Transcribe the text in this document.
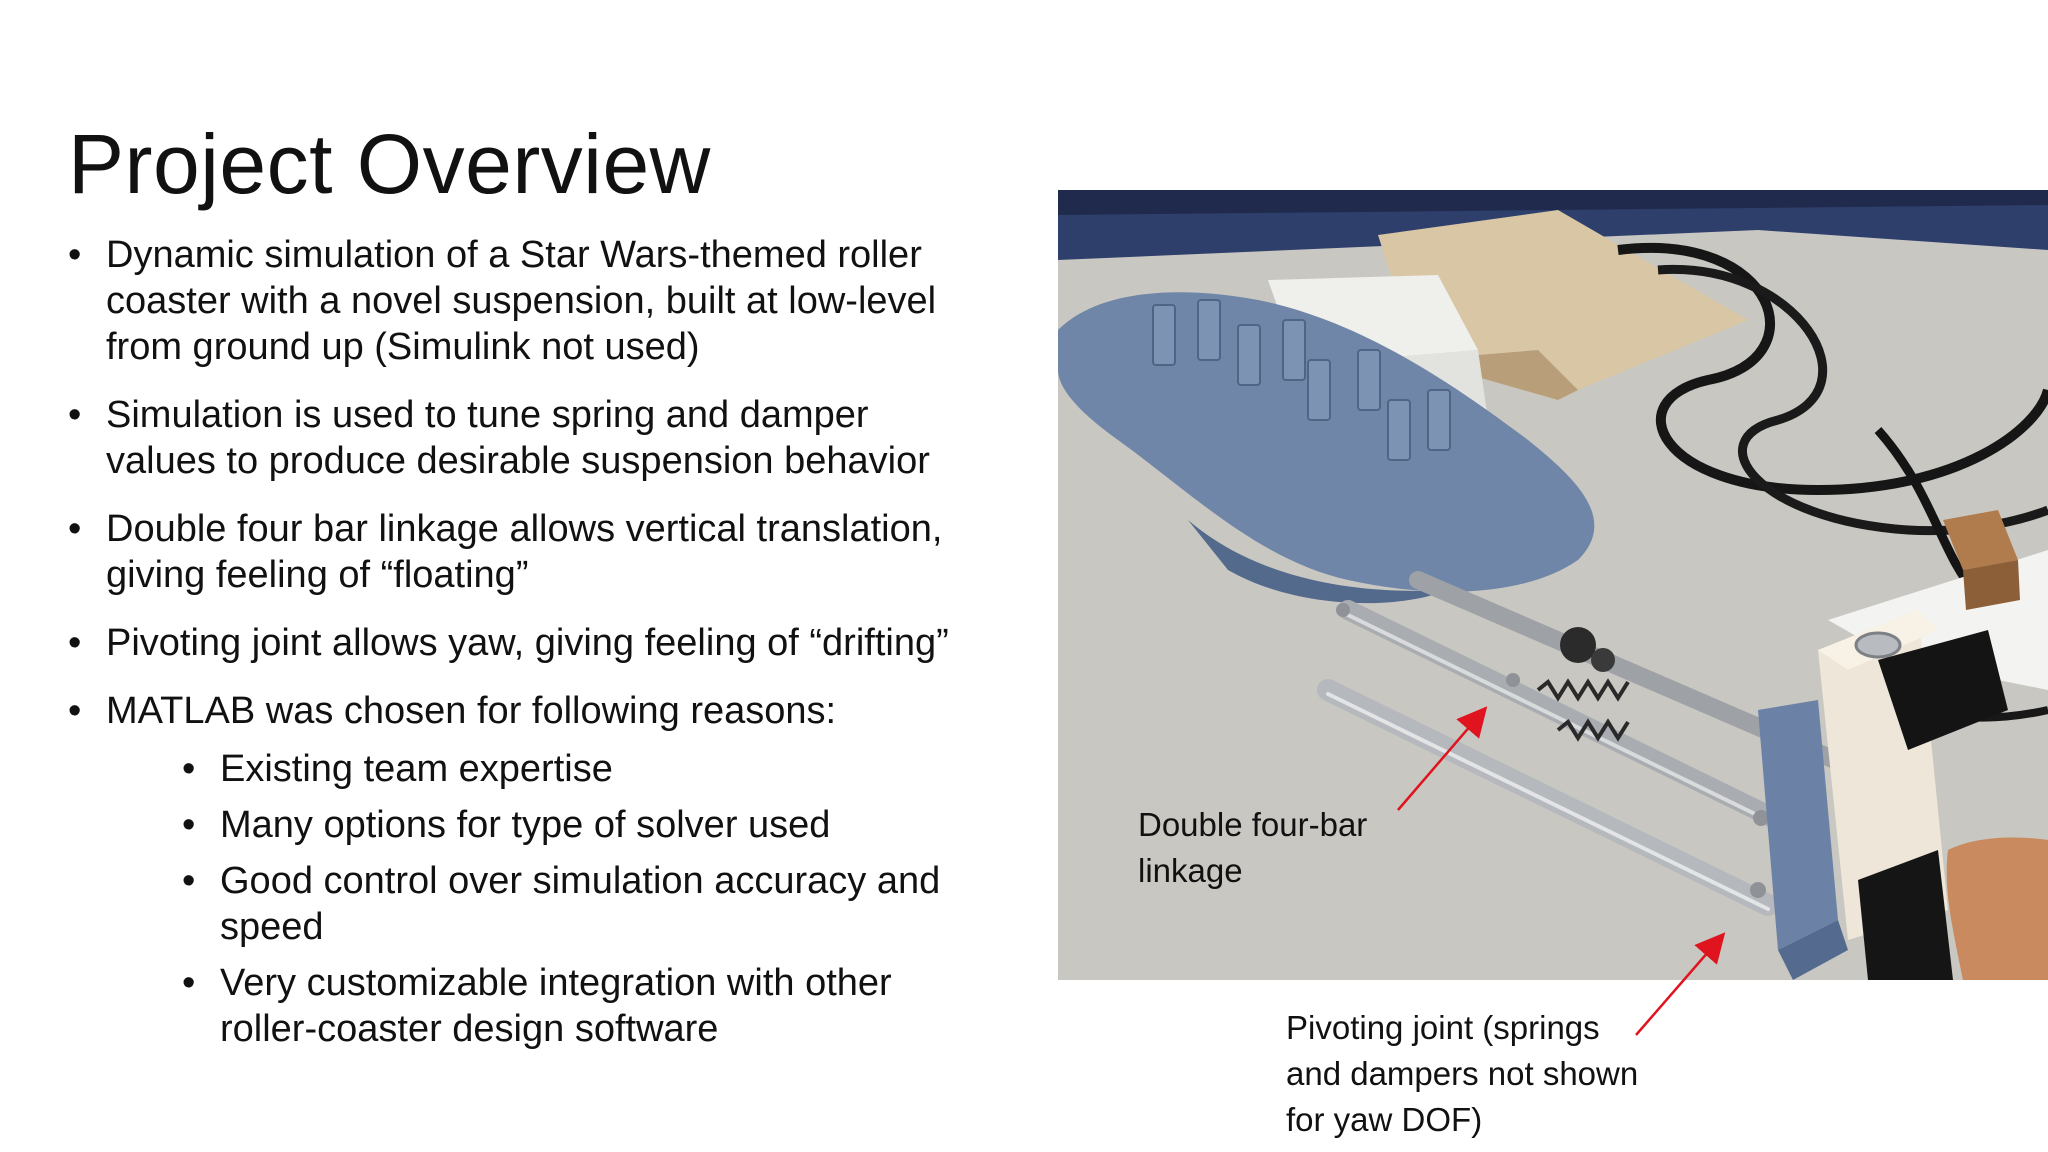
Project Overview
• Dynamic simulation of a Star Wars-themed roller coaster with a novel suspension, built at low-level from ground up (Simulink not used)
• Simulation is used to tune spring and damper values to produce desirable suspension behavior
• Double four bar linkage allows vertical translation, giving feeling of “floating”
• Pivoting joint allows yaw, giving feeling of “drifting”
• MATLAB was chosen for following reasons:
• Existing team expertise
• Many options for type of solver used
• Good control over simulation accuracy and speed
• Very customizable integration with other roller-coaster design software
Double four-bar linkage
Pivoting joint (springs and dampers not shown for yaw DOF)
